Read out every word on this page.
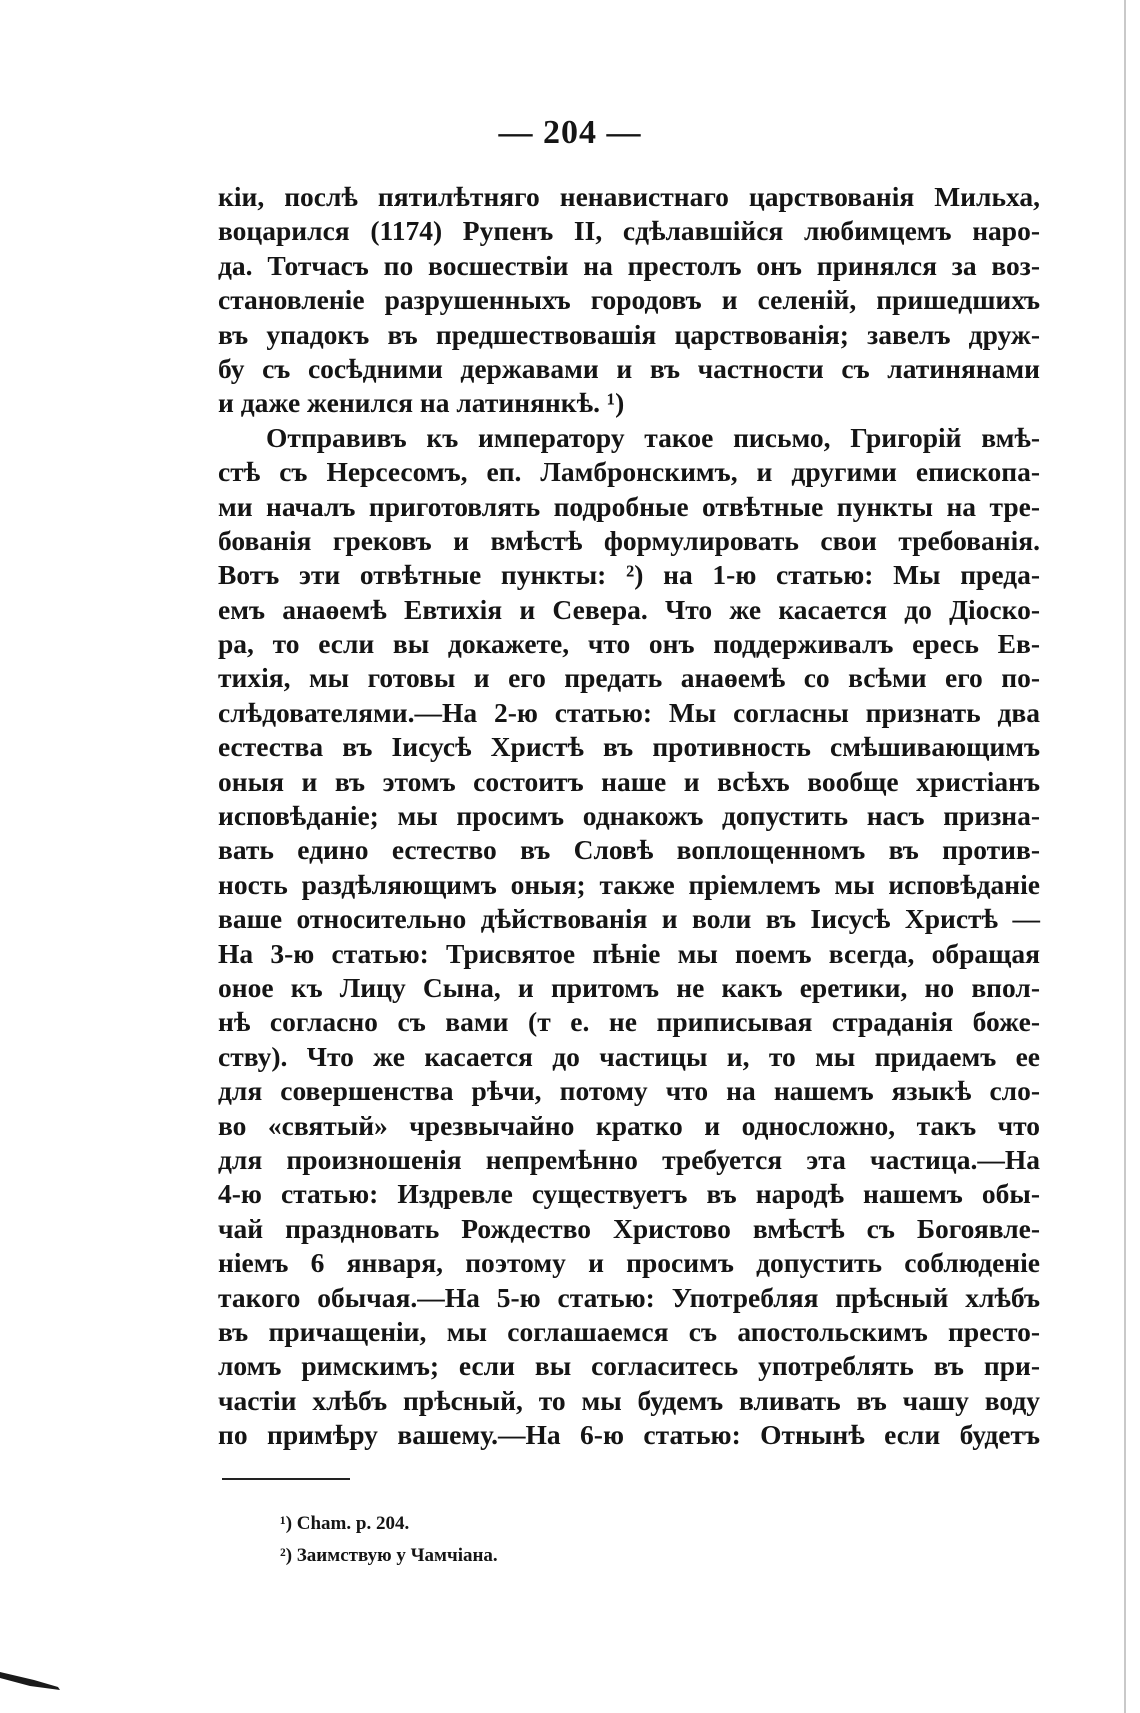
— 204 —
кіи, послѣ пятилѣтняго ненавистнаго царствованія Мильха,
воцарился (1174) Рупенъ II, сдѣлавшійся любимцемъ наро-
да. Тотчасъ по восшествіи на престолъ онъ принялся за воз-
становленіе разрушенныхъ городовъ и селеній, пришедшихъ
въ упадокъ въ предшествовашія царствованія; завелъ друж-
бу съ сосѣдними державами и въ частности съ латинянами
и даже женился на латинянкѣ. ¹)
Отправивъ къ императору такое письмо, Григорій вмѣ-
стѣ съ Нерсесомъ, еп. Ламбронскимъ, и другими епископа-
ми началъ приготовлять подробные отвѣтные пункты на тре-
бованія грековъ и вмѣстѣ формулировать свои требованія.
Вотъ эти отвѣтные пункты: ²) на 1-ю статью: Мы преда-
емъ анаөемѣ Евтихія и Севера. Что же касается до Діоско-
ра, то если вы докажете, что онъ поддерживалъ ересь Ев-
тихія, мы готовы и его предать анаөемѣ со всѣми его по-
слѣдователями.—На 2-ю статью: Мы согласны признать два
естества въ Іисусѣ Христѣ въ противность смѣшивающимъ
оныя и въ этомъ состоитъ наше и всѣхъ вообще христіанъ
исповѣданіе; мы просимъ однакожъ допустить насъ призна-
вать едино естество въ Словѣ воплощенномъ въ против-
ность раздѣляющимъ оныя; также пріемлемъ мы исповѣданіе
ваше относительно дѣйствованія и воли въ Іисусѣ Христѣ —
На 3-ю статью: Трисвятое пѣніе мы поемъ всегда, обращая
оное къ Лицу Сына, и притомъ не какъ еретики, но впол-
нѣ согласно съ вами (т е. не приписывая страданія боже-
ству). Что же касается до частицы и, то мы придаемъ ее
для совершенства рѣчи, потому что на нашемъ языкѣ сло-
во «святый» чрезвычайно кратко и односложно, такъ что
для произношенія непремѣнно требуется эта частица.—На
4-ю статью: Издревле существуетъ въ народѣ нашемъ обы-
чай праздновать Рождество Христово вмѣстѣ съ Богоявле-
ніемъ 6 января, поэтому и просимъ допустить соблюденіе
такого обычая.—На 5-ю статью: Употребляя прѣсный хлѣбъ
въ причащеніи, мы соглашаемся съ апостольскимъ престо-
ломъ римскимъ; если вы согласитесь употреблять въ при-
частіи хлѣбъ прѣсный, то мы будемъ вливать въ чашу воду
по примѣру вашему.—На 6-ю статью: Отнынѣ если будетъ
¹) Cham. p. 204.
²) Заимствую у Чамчіана.
